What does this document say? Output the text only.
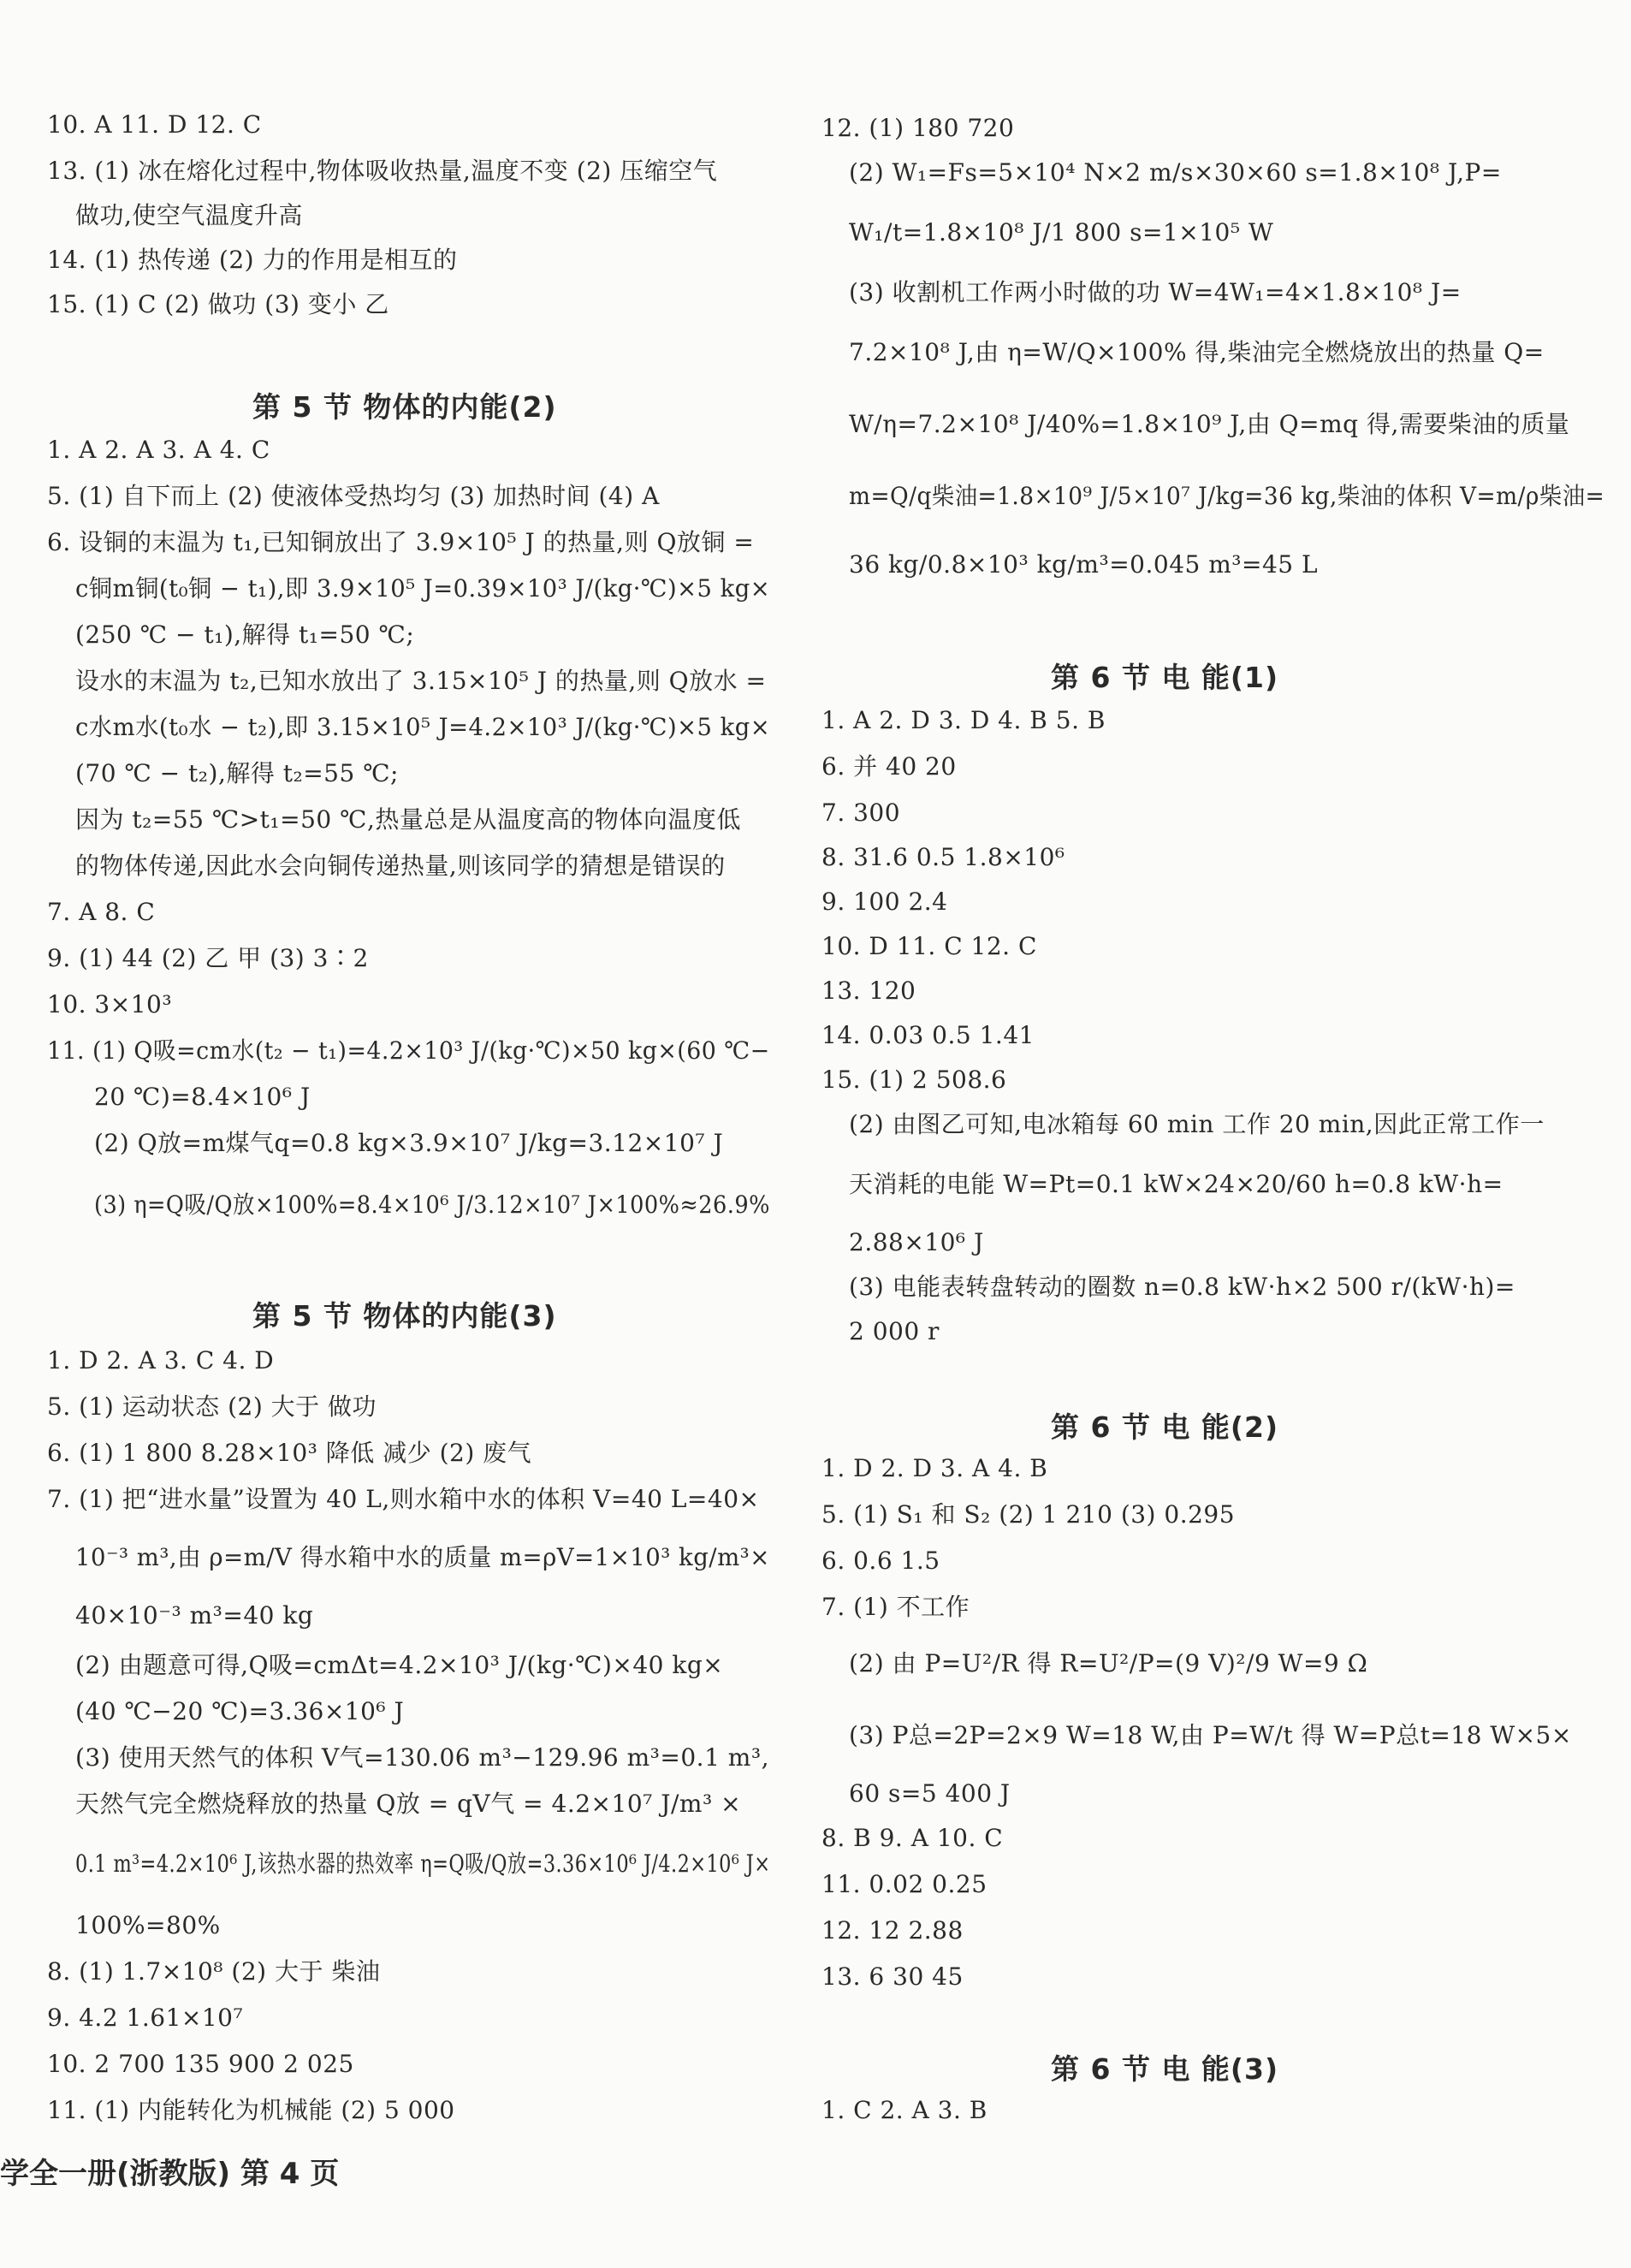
10. A 11. D 12. C
13. (1) 冰在熔化过程中,物体吸收热量,温度不变 (2) 压缩空气
做功,使空气温度升高
14. (1) 热传递 (2) 力的作用是相互的
15. (1) C (2) 做功 (3) 变小 乙
第 5 节 物体的内能(2)
1. A 2. A 3. A 4. C
5. (1) 自下而上 (2) 使液体受热均匀 (3) 加热时间 (4) A
6. 设铜的末温为 t₁,已知铜放出了 3.9×10⁵ J 的热量,则 Q放铜 =
c铜m铜(t₀铜 − t₁),即 3.9×10⁵ J=0.39×10³ J/(kg·℃)×5 kg×
(250 ℃ − t₁),解得 t₁=50 ℃;
设水的末温为 t₂,已知水放出了 3.15×10⁵ J 的热量,则 Q放水 =
c水m水(t₀水 − t₂),即 3.15×10⁵ J=4.2×10³ J/(kg·℃)×5 kg×
(70 ℃ − t₂),解得 t₂=55 ℃;
因为 t₂=55 ℃>t₁=50 ℃,热量总是从温度高的物体向温度低
的物体传递,因此水会向铜传递热量,则该同学的猜想是错误的
7. A 8. C
9. (1) 44 (2) 乙 甲 (3) 3∶2
10. 3×10³
11. (1) Q吸=cm水(t₂ − t₁)=4.2×10³ J/(kg·℃)×50 kg×(60 ℃−
20 ℃)=8.4×10⁶ J
(2) Q放=m煤气q=0.8 kg×3.9×10⁷ J/kg=3.12×10⁷ J
(3) η=Q吸/Q放×100%=8.4×10⁶ J/3.12×10⁷ J×100%≈26.9%
第 5 节 物体的内能(3)
1. D 2. A 3. C 4. D
5. (1) 运动状态 (2) 大于 做功
6. (1) 1 800 8.28×10³ 降低 减少 (2) 废气
7. (1) 把“进水量”设置为 40 L,则水箱中水的体积 V=40 L=40×
10⁻³ m³,由 ρ=m/V 得水箱中水的质量 m=ρV=1×10³ kg/m³×
40×10⁻³ m³=40 kg
(2) 由题意可得,Q吸=cmΔt=4.2×10³ J/(kg·℃)×40 kg×
(40 ℃−20 ℃)=3.36×10⁶ J
(3) 使用天然气的体积 V气=130.06 m³−129.96 m³=0.1 m³,
天然气完全燃烧释放的热量 Q放 = qV气 = 4.2×10⁷ J/m³ ×
0.1 m³=4.2×10⁶ J,该热水器的热效率 η=Q吸/Q放=3.36×10⁶ J/4.2×10⁶ J×
100%=80%
8. (1) 1.7×10⁸ (2) 大于 柴油
9. 4.2 1.61×10⁷
10. 2 700 135 900 2 025
11. (1) 内能转化为机械能 (2) 5 000
12. (1) 180 720
(2) W₁=Fs=5×10⁴ N×2 m/s×30×60 s=1.8×10⁸ J,P=
W₁/t=1.8×10⁸ J/1 800 s=1×10⁵ W
(3) 收割机工作两小时做的功 W=4W₁=4×1.8×10⁸ J=
7.2×10⁸ J,由 η=W/Q×100% 得,柴油完全燃烧放出的热量 Q=
W/η=7.2×10⁸ J/40%=1.8×10⁹ J,由 Q=mq 得,需要柴油的质量
m=Q/q柴油=1.8×10⁹ J/5×10⁷ J/kg=36 kg,柴油的体积 V=m/ρ柴油=
36 kg/0.8×10³ kg/m³=0.045 m³=45 L
第 6 节 电 能(1)
1. A 2. D 3. D 4. B 5. B
6. 并 40 20
7. 300
8. 31.6 0.5 1.8×10⁶
9. 100 2.4
10. D 11. C 12. C
13. 120
14. 0.03 0.5 1.41
15. (1) 2 508.6
(2) 由图乙可知,电冰箱每 60 min 工作 20 min,因此正常工作一
天消耗的电能 W=Pt=0.1 kW×24×20/60 h=0.8 kW·h=
2.88×10⁶ J
(3) 电能表转盘转动的圈数 n=0.8 kW·h×2 500 r/(kW·h)=
2 000 r
第 6 节 电 能(2)
1. D 2. D 3. A 4. B
5. (1) S₁ 和 S₂ (2) 1 210 (3) 0.295
6. 0.6 1.5
7. (1) 不工作
(2) 由 P=U²/R 得 R=U²/P=(9 V)²/9 W=9 Ω
(3) P总=2P=2×9 W=18 W,由 P=W/t 得 W=P总t=18 W×5×
60 s=5 400 J
8. B 9. A 10. C
11. 0.02 0.25
12. 12 2.88
13. 6 30 45
第 6 节 电 能(3)
1. C 2. A 3. B
学全一册(浙教版) 第 4 页
